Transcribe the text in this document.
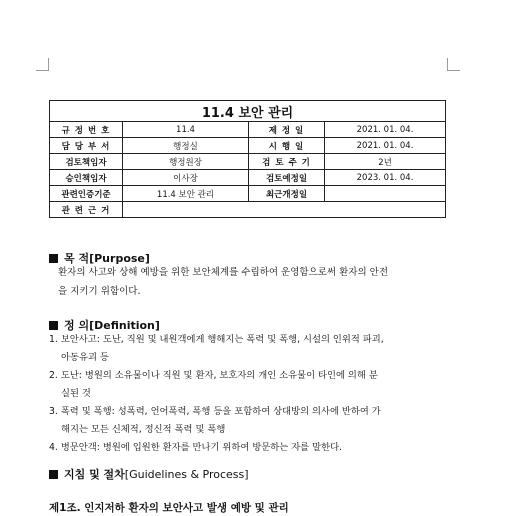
11.4 보안 관리			
규 정 번 호	11.4	제 정 일	2021. 01. 04.
담 당 부 서	행정실	시 행 일	2021. 01. 04.
검토책임자	행정원장	검 토 주 기	2년
승인책임자	이사장	검토예정일	2023. 01. 04.
관련인증기준	11.4 보안 관리	최근개정일	
관 련 근 거			
목 적[Purpose]
환자의 사고와 상해 예방을 위한 보안체계를 수립하여 운영함으로써 환자의 안전
을 지키기 위함이다.
정 의[Definition]
1. 보안사고: 도난, 직원 및 내원객에게 행해지는 폭력 및 폭행, 시설의 인위적 파괴,
아동유괴 등
2. 도난: 병원의 소유물이나 직원 및 환자, 보호자의 개인 소유물이 타인에 의해 분
실된 것
3. 폭력 및 폭행: 성폭력, 언어폭력, 폭행 등을 포함하여 상대방의 의사에 반하여 가
해지는 모든 신체적, 정신적 폭력 및 폭행
4. 병문안객: 병원에 입원한 환자를 만나기 위하여 방문하는 자를 말한다.
지침 및 절차[Guidelines & Process]
제1조. 인지저하 환자의 보안사고 발생 예방 및 관리
